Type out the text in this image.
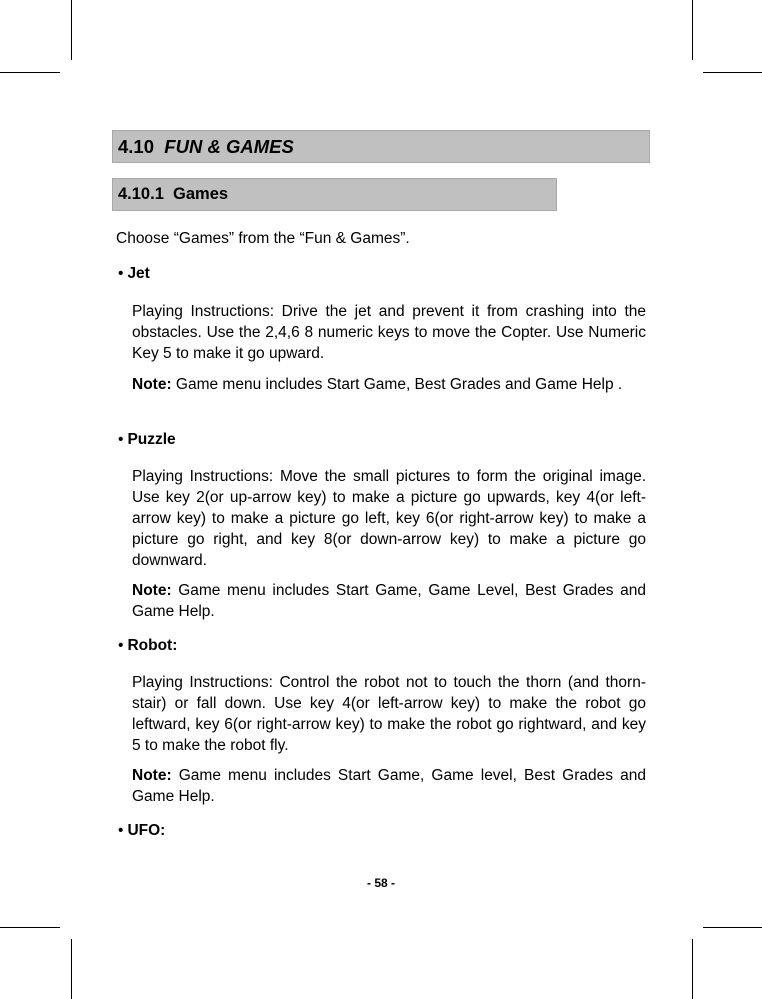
4.10
FUN & GAMES
4.10.1
Games

Choose “Games” from the “Fun & Games”.

• Jet

Playing Instructions: Drive the jet and prevent it from crashing into the obstacles. Use the 2,4,6 8 numeric keys to move the Copter. Use Numeric Key 5 to make it go upward.

Note: Game menu includes Start Game, Best Grades and Game Help .

• Puzzle

Playing Instructions: Move the small pictures to form the original image. Use key 2(or up-arrow key) to make a picture go upwards, key 4(or left-arrow key) to make a picture go left, key 6(or right-arrow key) to make a picture go right, and key 8(or down-arrow key) to make a picture go downward.

Note: Game menu includes Start Game, Game Level, Best Grades and Game Help.

• Robot:

Playing Instructions: Control the robot not to touch the thorn (and thorn-stair) or fall down. Use key 4(or left-arrow key) to make the robot go leftward, key 6(or right-arrow key) to make the robot go rightward, and key 5 to make the robot fly.

Note: Game menu includes Start Game, Game level, Best Grades and Game Help.

• UFO:
- 58 -
